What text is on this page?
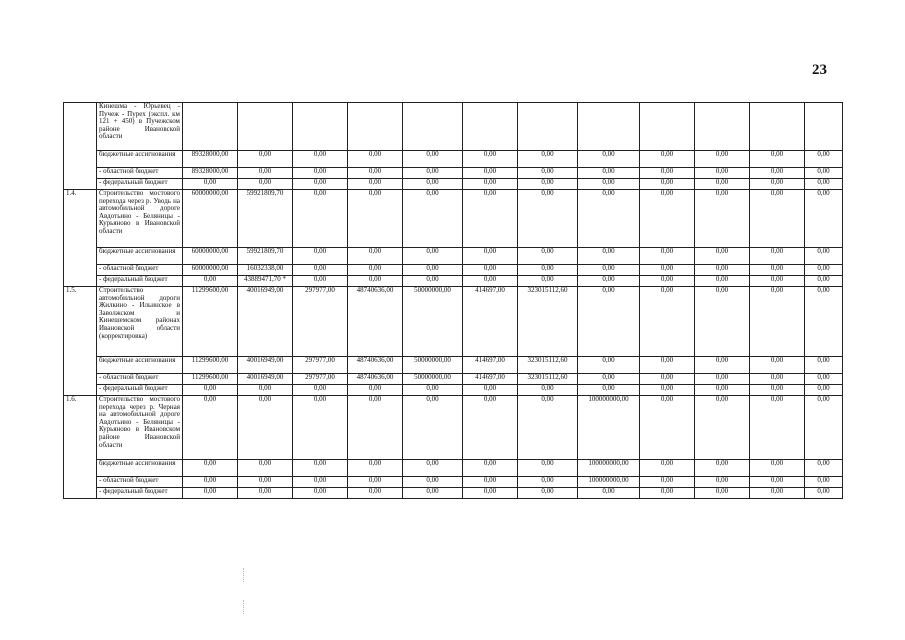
23
	Кинешма - Юрьевец - Пучеж - Пурех (экспл. км 121 + 450) в Пучежском районе Ивановской области												
	бюджетные ассигнования	89328000,00	0,00	0,00	0,00	0,00	0,00	0,00	0,00	0,00	0,00	0,00	0,00
	- областной бюджет	89328000,00	0,00	0,00	0,00	0,00	0,00	0,00	0,00	0,00	0,00	0,00	0,00
	- федеральный бюджет	0,00	0,00	0,00	0,00	0,00	0,00	0,00	0,00	0,00	0,00	0,00	0,00
1.4.	Строительство мостового перехода через р. Уводь на автомобильной дороге Авдотьино - Беляницы - Курьяново в Ивановской области	60000000,00	59921809,70	0,00	0,00	0,00	0,00	0,00	0,00	0,00	0,00	0,00	0,00
	бюджетные ассигнования	60000000,00	59921809,70	0,00	0,00	0,00	0,00	0,00	0,00	0,00	0,00	0,00	0,00
	- областной бюджет	60000000,00	16032338,00	0,00	0,00	0,00	0,00	0,00	0,00	0,00	0,00	0,00	0,00
	- федеральный бюджет	0,00	43889471,70 *	0,00	0,00	0,00	0,00	0,00	0,00	0,00	0,00	0,00	0,00
1.5.	Строительство автомобильной дороги Жилкино - Ильинское в Заволжском и Кинешемском районах Ивановской области (корректировка)	11299600,00	40016949,00	297977,00	48740636,00	50000000,00	414697,00	323015112,60	0,00	0,00	0,00	0,00	0,00
	бюджетные ассигнования	11299600,00	40016949,00	297977,00	48740636,00	50000000,00	414697,00	323015112,60	0,00	0,00	0,00	0,00	0,00
	- областной бюджет	11299600,00	40016949,00	297977,00	48740636,00	50000000,00	414697,00	323015112,60	0,00	0,00	0,00	0,00	0,00
	- федеральный бюджет	0,00	0,00	0,00	0,00	0,00	0,00	0,00	0,00	0,00	0,00	0,00	0,00
1.6.	Строительство мостового перехода через р. Черная на автомобильной дороге Авдотьино - Беляницы - Курьяново в Ивановском районе Ивановской области	0,00	0,00	0,00	0,00	0,00	0,00	0,00	100000000,00	0,00	0,00	0,00	0,00
	бюджетные ассигнования	0,00	0,00	0,00	0,00	0,00	0,00	0,00	100000000,00	0,00	0,00	0,00	0,00
	- областной бюджет	0,00	0,00	0,00	0,00	0,00	0,00	0,00	100000000,00	0,00	0,00	0,00	0,00
	- федеральный бюджет	0,00	0,00	0,00	0,00	0,00	0,00	0,00	0,00	0,00	0,00	0,00	0,00
